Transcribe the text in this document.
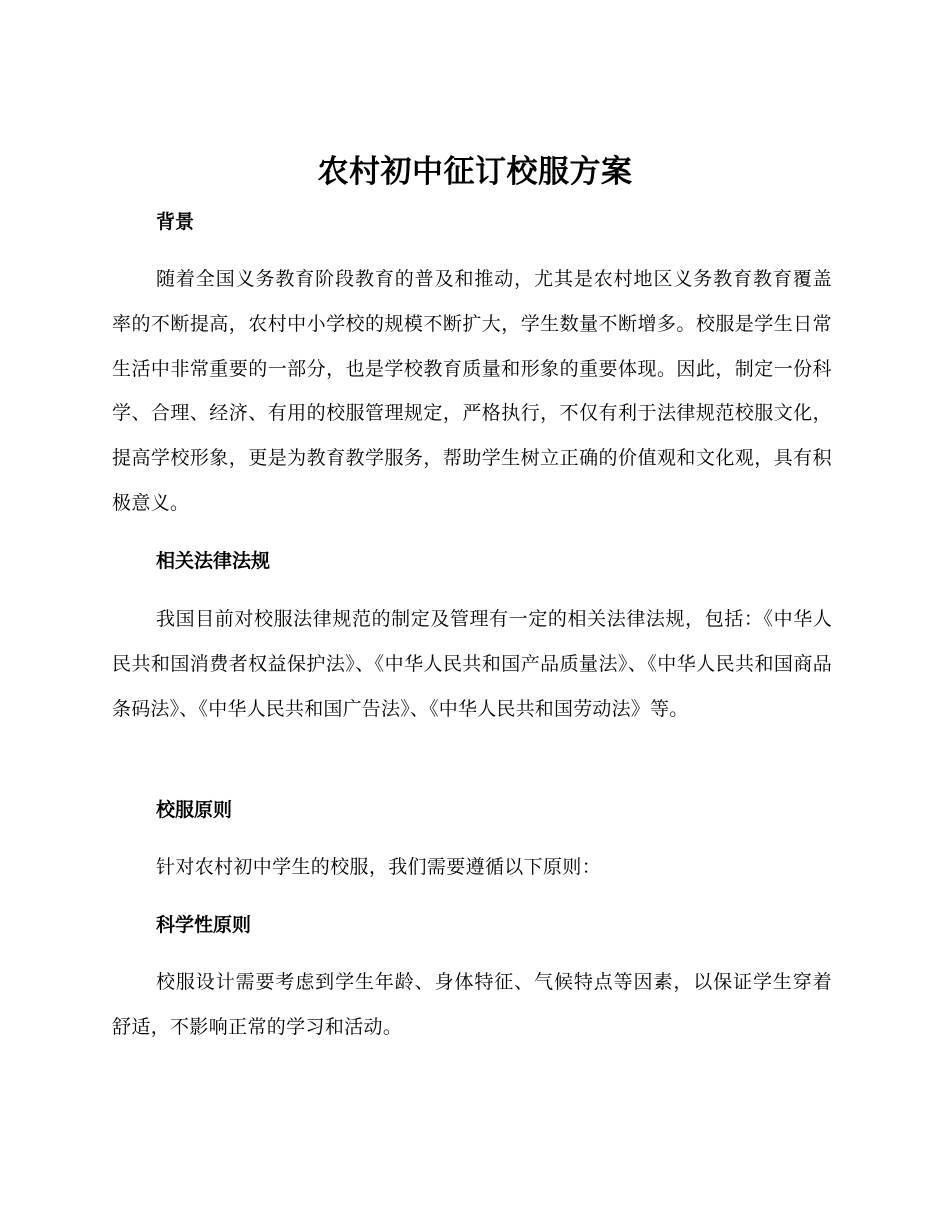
农村初中征订校服方案
背景

随着全国义务教育阶段教育的普及和推动，尤其是农村地区义务教育教育覆盖率的不断提高，农村中小学校的规模不断扩大，学生数量不断增多。校服是学生日常生活中非常重要的一部分，也是学校教育质量和形象的重要体现。因此，制定一份科学、合理、经济、有用的校服管理规定，严格执行，不仅有利于法律规范校服文化，提高学校形象，更是为教育教学服务，帮助学生树立正确的价值观和文化观，具有积极意义。

相关法律法规

我国目前对校服法律规范的制定及管理有一定的相关法律法规，包括：《中华人民共和国消费者权益保护法》、《中华人民共和国产品质量法》、《中华人民共和国商品条码法》、《中华人民共和国广告法》、《中华人民共和国劳动法》等。

校服原则

针对农村初中学生的校服，我们需要遵循以下原则：

科学性原则

校服设计需要考虑到学生年龄、身体特征、气候特点等因素，以保证学生穿着舒适，不影响正常的学习和活动。
